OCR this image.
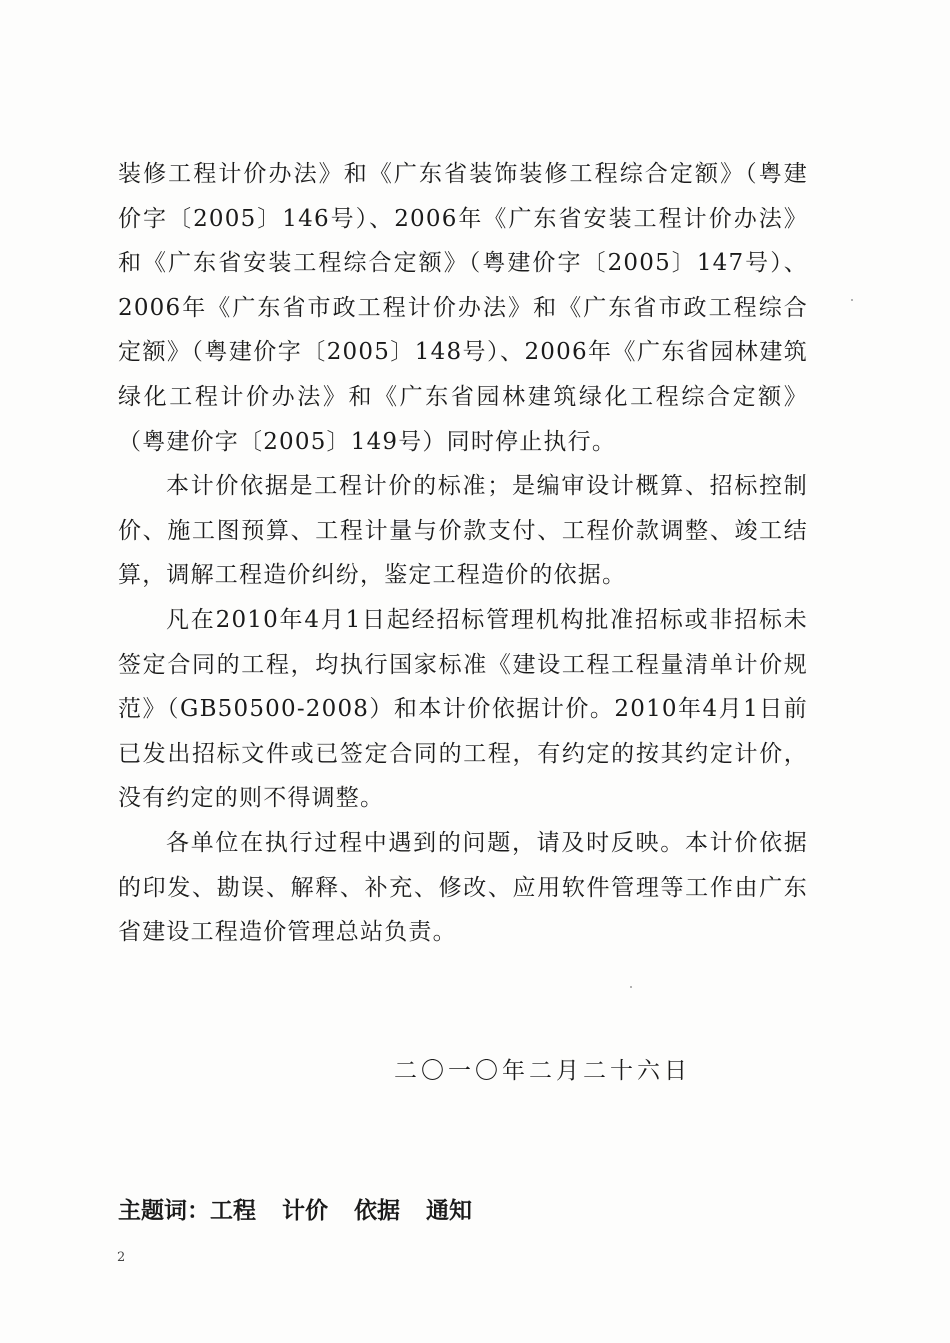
装修工程计价办法》和《广东省装饰装修工程综合定额》（粤建价字〔2005〕146号）、2006年《广东省安装工程计价办法》和《广东省安装工程综合定额》（粤建价字〔2005〕147号）、2006年《广东省市政工程计价办法》和《广东省市政工程综合定额》（粤建价字〔2005〕148号）、2006年《广东省园林建筑绿化工程计价办法》和《广东省园林建筑绿化工程综合定额》（粤建价字〔2005〕149号）同时停止执行。

本计价依据是工程计价的标准；是编审设计概算、招标控制价、施工图预算、工程计量与价款支付、工程价款调整、竣工结算，调解工程造价纠纷，鉴定工程造价的依据。

凡在2010年4月1日起经招标管理机构批准招标或非招标未签定合同的工程，均执行国家标准《建设工程工程量清单计价规范》（GB50500-2008）和本计价依据计价。2010年4月1日前已发出招标文件或已签定合同的工程，有约定的按其约定计价，没有约定的则不得调整。

各单位在执行过程中遇到的问题，请及时反映。本计价依据的印发、勘误、解释、补充、修改、应用软件管理等工作由广东省建设工程造价管理总站负责。

二〇一〇年二月二十六日
主题词：工程 计价 依据 通知
2
